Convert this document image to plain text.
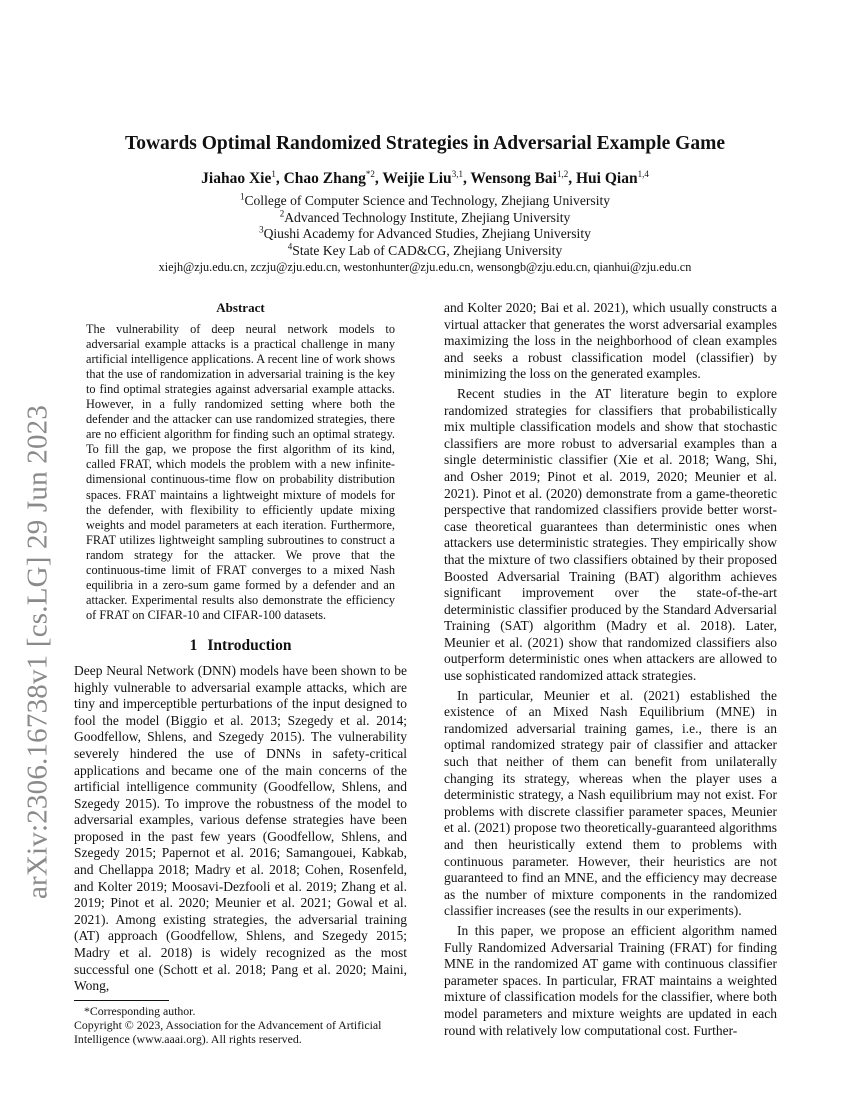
arXiv:2306.16738v1 [cs.LG] 29 Jun 2023
Towards Optimal Randomized Strategies in Adversarial Example Game
Jiahao Xie$^1$, Chao Zhang$^{*2}$, Weijie Liu$^{3,1}$, Wensong Bai$^{1,2}$, Hui Qian$^{1,4}$
$^1$College of Computer Science and Technology, Zhejiang University
$^2$Advanced Technology Institute, Zhejiang University
$^3$Qiushi Academy for Advanced Studies, Zhejiang University
$^4$State Key Lab of CAD&CG, Zhejiang University
xiejh@zju.edu.cn, zczju@zju.edu.cn, westonhunter@zju.edu.cn, wensongb@zju.edu.cn, qianhui@zju.edu.cn
Abstract

The vulnerability of deep neural network models to adversarial example attacks is a practical challenge in many artificial intelligence applications. A recent line of work shows that the use of randomization in adversarial training is the key to find optimal strategies against adversarial example attacks. However, in a fully randomized setting where both the defender and the attacker can use randomized strategies, there are no efficient algorithm for finding such an optimal strategy. To fill the gap, we propose the first algorithm of its kind, called FRAT, which models the problem with a new infinite-dimensional continuous-time flow on probability distribution spaces. FRAT maintains a lightweight mixture of models for the defender, with flexibility to efficiently update mixing weights and model parameters at each iteration. Furthermore, FRAT utilizes lightweight sampling subroutines to construct a random strategy for the attacker. We prove that the continuous-time limit of FRAT converges to a mixed Nash equilibria in a zero-sum game formed by a defender and an attacker. Experimental results also demonstrate the efficiency of FRAT on CIFAR-10 and CIFAR-100 datasets.

1 Introduction

Deep Neural Network (DNN) models have been shown to be highly vulnerable to adversarial example attacks, which are tiny and imperceptible perturbations of the input designed to fool the model (Biggio et al. 2013; Szegedy et al. 2014; Goodfellow, Shlens, and Szegedy 2015). The vulnerability severely hindered the use of DNNs in safety-critical applications and became one of the main concerns of the artificial intelligence community (Goodfellow, Shlens, and Szegedy 2015). To improve the robustness of the model to adversarial examples, various defense strategies have been proposed in the past few years (Goodfellow, Shlens, and Szegedy 2015; Papernot et al. 2016; Samangouei, Kabkab, and Chellappa 2018; Madry et al. 2018; Cohen, Rosenfeld, and Kolter 2019; Moosavi-Dezfooli et al. 2019; Zhang et al. 2019; Pinot et al. 2020; Meunier et al. 2021; Gowal et al. 2021). Among existing strategies, the adversarial training (AT) approach (Goodfellow, Shlens, and Szegedy 2015; Madry et al. 2018) is widely recognized as the most successful one (Schott et al. 2018; Pang et al. 2020; Maini, Wong,

*Corresponding author.

Copyright © 2023, Association for the Advancement of Artificial Intelligence (www.aaai.org). All rights reserved.

and Kolter 2020; Bai et al. 2021), which usually constructs a virtual attacker that generates the worst adversarial examples maximizing the loss in the neighborhood of clean examples and seeks a robust classification model (classifier) by minimizing the loss on the generated examples.

Recent studies in the AT literature begin to explore randomized strategies for classifiers that probabilistically mix multiple classification models and show that stochastic classifiers are more robust to adversarial examples than a single deterministic classifier (Xie et al. 2018; Wang, Shi, and Osher 2019; Pinot et al. 2019, 2020; Meunier et al. 2021). Pinot et al. (2020) demonstrate from a game-theoretic perspective that randomized classifiers provide better worst-case theoretical guarantees than deterministic ones when attackers use deterministic strategies. They empirically show that the mixture of two classifiers obtained by their proposed Boosted Adversarial Training (BAT) algorithm achieves significant improvement over the state-of-the-art deterministic classifier produced by the Standard Adversarial Training (SAT) algorithm (Madry et al. 2018). Later, Meunier et al. (2021) show that randomized classifiers also outperform deterministic ones when attackers are allowed to use sophisticated randomized attack strategies.

In particular, Meunier et al. (2021) established the existence of an Mixed Nash Equilibrium (MNE) in randomized adversarial training games, i.e., there is an optimal randomized strategy pair of classifier and attacker such that neither of them can benefit from unilaterally changing its strategy, whereas when the player uses a deterministic strategy, a Nash equilibrium may not exist. For problems with discrete classifier parameter spaces, Meunier et al. (2021) propose two theoretically-guaranteed algorithms and then heuristically extend them to problems with continuous parameter. However, their heuristics are not guaranteed to find an MNE, and the efficiency may decrease as the number of mixture components in the randomized classifier increases (see the results in our experiments).

In this paper, we propose an efficient algorithm named Fully Randomized Adversarial Training (FRAT) for finding MNE in the randomized AT game with continuous classifier parameter spaces. In particular, FRAT maintains a weighted mixture of classification models for the classifier, where both model parameters and mixture weights are updated in each round with relatively low computational cost. Further-
